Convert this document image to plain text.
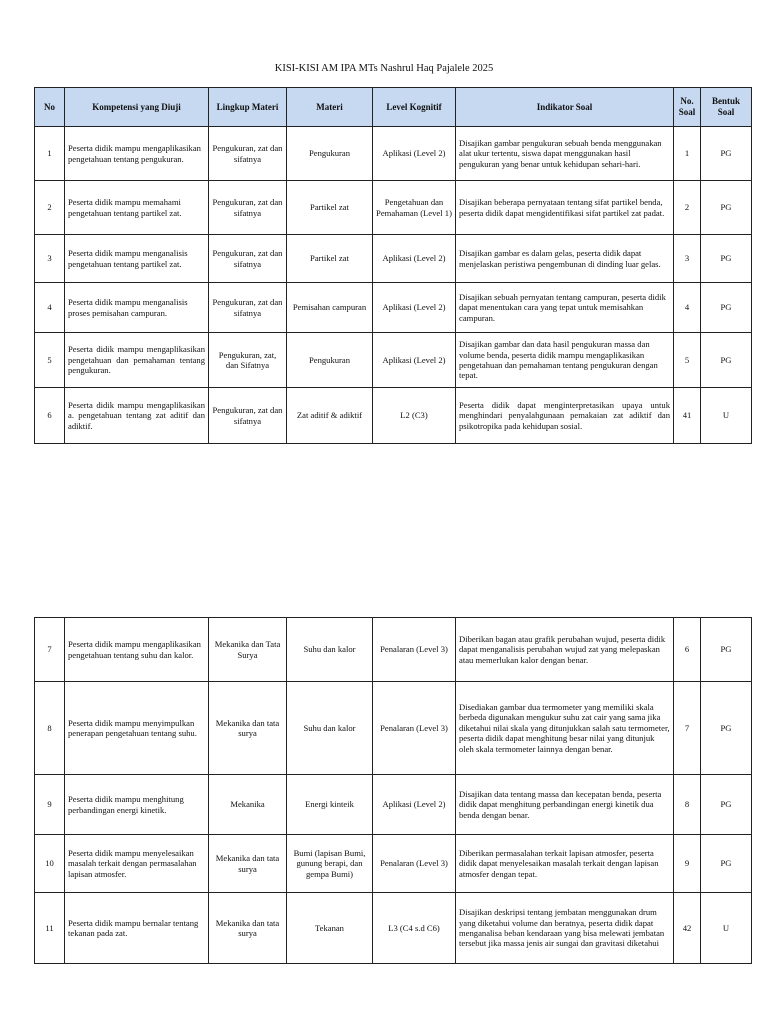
KISI-KISI AM IPA MTs Nashrul Haq Pajalele 2025
No	Kompetensi yang Diuji	Lingkup Materi	Materi	Level Kognitif	Indikator Soal	No. Soal	Bentuk Soal
1	Peserta didik mampu mengaplikasikan pengetahuan tentang pengukuran.	Pengukuran, zat dan sifatnya	Pengukuran	Aplikasi (Level 2)	Disajikan gambar pengukuran sebuah benda menggunakan alat ukur tertentu, siswa dapat menggunakan hasil pengukuran yang benar untuk kehidupan sehari-hari.	1	PG
2	Peserta didik mampu memahami pengetahuan tentang partikel zat.	Pengukuran, zat dan sifatnya	Partikel zat	Pengetahuan dan Pemahaman (Level 1)	Disajikan beberapa pernyataan tentang sifat partikel benda, peserta didik dapat mengidentifikasi sifat partikel zat padat.	2	PG
3	Peserta didik mampu menganalisis pengetahuan tentang partikel zat.	Pengukuran, zat dan sifatnya	Partikel zat	Aplikasi (Level 2)	Disajikan gambar es dalam gelas, peserta didik dapat menjelaskan peristiwa pengembunan di dinding luar gelas.	3	PG
4	Peserta didik mampu menganalisis proses pemisahan campuran.	Pengukuran, zat dan sifatnya	Pemisahan campuran	Aplikasi (Level 2)	Disajikan sebuah pernyatan tentang campuran, peserta didik dapat menentukan cara yang tepat untuk memisahkan campuran.	4	PG
5	Peserta didik mampu mengaplikasikan pengetahuan dan pemahaman tentang pengukuran.	Pengukuran, zat, dan Sifatnya	Pengukuran	Aplikasi (Level 2)	Disajikan gambar dan data hasil pengukuran massa dan volume benda, peserta didik mampu mengaplikasikan pengetahuan dan pemahaman tentang pengukuran dengan tepat.	5	PG
6	Peserta didik mampu mengaplikasikan a. pengetahuan tentang zat aditif dan adiktif.	Pengukuran, zat dan sifatnya	Zat aditif & adiktif	L2 (C3)	Peserta didik dapat menginterpretasikan upaya untuk menghindari penyalahgunaan pemakaian zat adiktif dan psikotropika pada kehidupan sosial.	41	U
7	Peserta didik mampu mengaplikasikan pengetahuan tentang suhu dan kalor.	Mekanika dan Tata Surya	Suhu dan kalor	Penalaran (Level 3)	Diberikan bagan atau grafik perubahan wujud, peserta didik dapat menganalisis perubahan wujud zat yang melepaskan atau memerlukan kalor dengan benar.	6	PG
8	Peserta didik mampu menyimpulkan penerapan pengetahuan tentang suhu.	Mekanika dan tata surya	Suhu dan kalor	Penalaran (Level 3)	Disediakan gambar dua termometer yang memiliki skala berbeda digunakan mengukur suhu zat cair yang sama jika diketahui nilai skala yang ditunjukkan salah satu termometer, peserta didik dapat menghitung besar nilai yang ditunjuk oleh skala termometer lainnya dengan benar.	7	PG
9	Peserta didik mampu menghitung perbandingan energi kinetik.	Mekanika	Energi kinteik	Aplikasi (Level 2)	Disajikan data tentang massa dan kecepatan benda, peserta didik dapat menghitung perbandingan energi kinetik dua benda dengan benar.	8	PG
10	Peserta didik mampu menyelesaikan masalah terkait dengan permasalahan lapisan atmosfer.	Mekanika dan tata surya	Bumi (lapisan Bumi, gunung berapi, dan gempa Bumi)	Penalaran (Level 3)	Diberikan permasalahan terkait lapisan atmosfer, peserta didik dapat menyelesaikan masalah terkait dengan lapisan atmosfer dengan tepat.	9	PG
11	Peserta didik mampu bernalar tentang tekanan pada zat.	Mekanika dan tata surya	Tekanan	L3 (C4 s.d C6)	Disajikan deskripsi tentang jembatan menggunakan drum yang diketahui volume dan beratnya, peserta didik dapat menganalisa beban kendaraan yang bisa melewati jembatan tersebut jika massa jenis air sungai dan gravitasi diketahui	42	U
